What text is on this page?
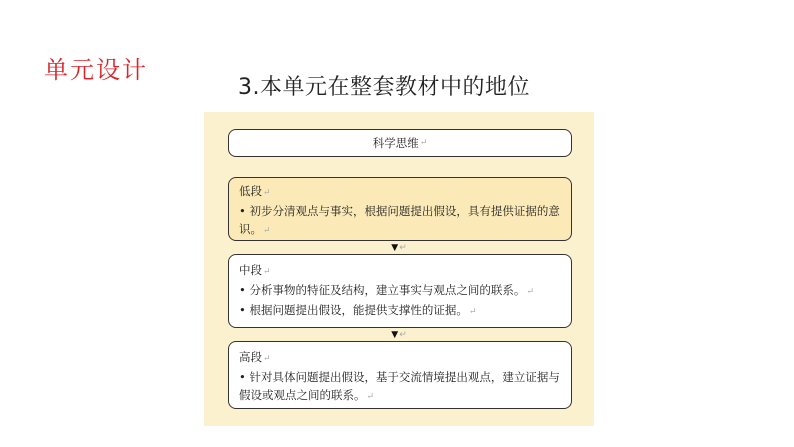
单元设计
3.本单元在整套教材中的地位
科学思维 ↵
低段↵
• 初步分清观点与事实，根据问题提出假设，具有提供证据的意识。↵
▼↵
中段↵
• 分析事物的特征及结构，建立事实与观点之间的联系。↵
• 根据问题提出假设，能提供支撑性的证据。↵
▼↵
高段↵
• 针对具体问题提出假设，基于交流情境提出观点，建立证据与假设或观点之间的联系。↵
